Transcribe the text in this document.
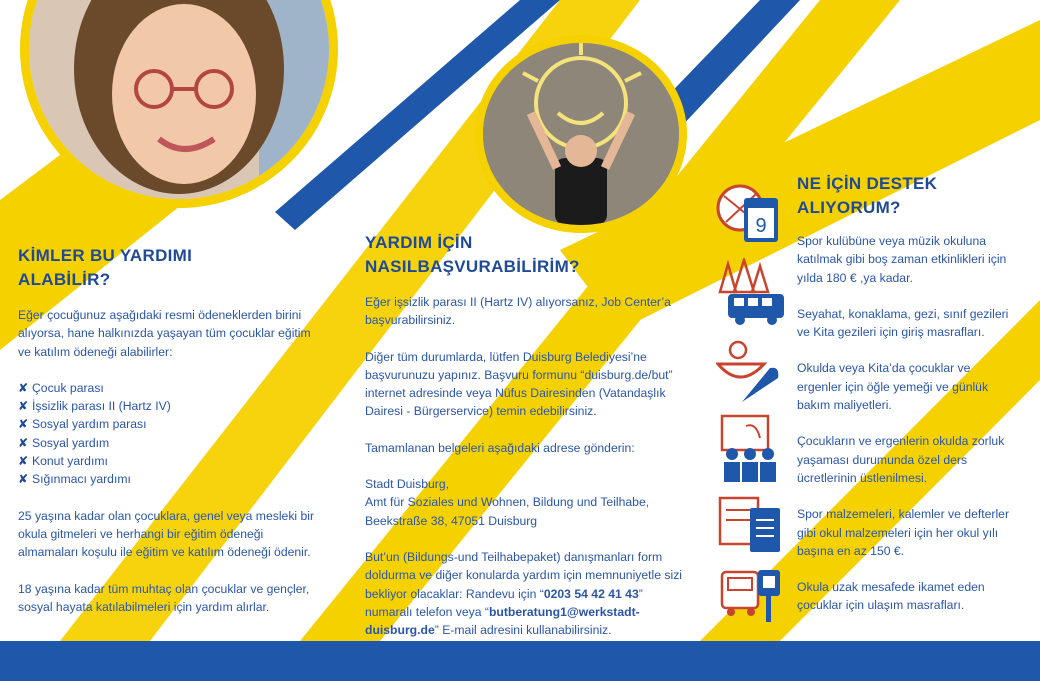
KİMLER BU YARDIMI ALABİLİR?

Eğer çocuğunuz aşağıdaki resmi ödeneklerden birini alıyorsa, hane halkınızda yaşayan tüm çocuklar eğitim ve katılım ödeneği alabilirler:

✘ Çocuk parası
✘ İşsizlik parası II (Hartz IV)
✘ Sosyal yardım parası
✘ Sosyal yardım
✘ Konut yardımı
✘ Sığınmacı yardımı

25 yaşına kadar olan çocuklara, genel veya mesleki bir okula gitmeleri ve herhangi bir eğitim ödeneği almamaları koşulu ile eğitim ve katılım ödeneği ödenir.

18 yaşına kadar tüm muhtaç olan çocuklar ve gençler, sosyal hayata katılabilmeleri için yardım alırlar.

YARDIM İÇİN NASILBAŞVURABİLİRİM?

Eğer işsizlik parası II (Hartz IV) alıyorsanız, Job Center’a başvurabilirsiniz.

Diğer tüm durumlarda, lütfen Duisburg Belediyesi’ne başvurunuzu yapınız. Başvuru formunu “duisburg.de/but” internet adresinde veya Nüfus Dairesinden (Vatandaşlık Dairesi - Bürgerservice) temin edebilirsiniz.

Tamamlanan belgeleri aşağıdaki adrese gönderin:

Stadt Duisburg,

Amt für Soziales und Wohnen, Bildung und Teilhabe,

Beekstraße 38, 47051 Duisburg

But’un (Bildungs-und Teilhabepaket) danışmanları form doldurma ve diğer konularda yardım için memnuniyetle sizi bekliyor olacaklar: Randevu için “0203 54 42 41 43” numaralı telefon veya “butberatung1@werkstadt-duisburg.de” E-mail adresini kullanabilirsiniz.

NE İÇİN DESTEK ALIYORUM?

Spor kulübüne veya müzik okuluna katılmak gibi boş zaman etkinlikleri için yılda 180 € ,ya kadar.

Seyahat, konaklama, gezi, sınıf gezileri ve Kita gezileri için giriş masrafları.

Okulda veya Kita’da çocuklar ve ergenler için öğle yemeği ve günlük bakım maliyetleri.

Çocukların ve ergenlerin okulda zorluk yaşaması durumunda özel ders ücretlerinin üstlenilmesi.

Spor malzemeleri, kalemler ve defterler gibi okul malzemeleri için her okul yılı başına en az 150 €.

Okula uzak mesafede ikamet eden çocuklar için ulaşım masrafları.

9
